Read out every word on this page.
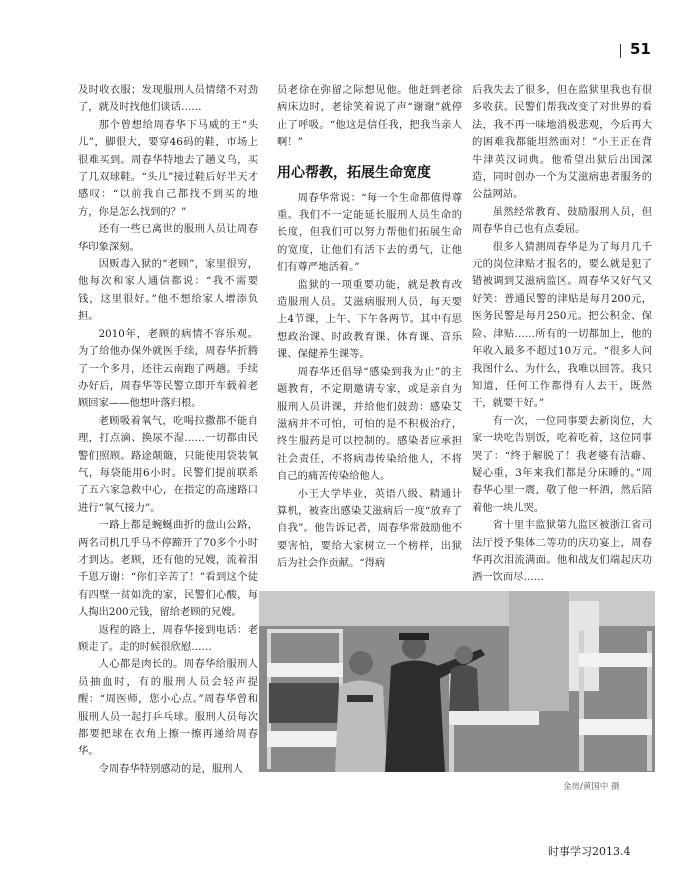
51

及时收衣服；发现服刑人员情绪不对劲了，就及时找他们谈话……

那个曾想给周春华下马威的王“头儿”，脚很大，要穿46码的鞋，市场上很难买到。周春华特地去了趟义乌，买了几双球鞋。“头儿”接过鞋后好半天才感叹：“以前我自己都找不到买的地方，你是怎么找到的？”

还有一些已离世的服刑人员让周春华印象深刻。

因贩毒入狱的“老顾”，家里很穷，他每次和家人通信都说：“我不需要钱，这里很好。”他不想给家人增添负担。

2010年，老顾的病情不容乐观。为了给他办保外就医手续，周春华折腾了一个多月，还往云南跑了两趟。手续办好后，周春华等民警立即开车载着老顾回家——他想叶落归根。

老顾吸着氧气，吃喝拉撒都不能自理，打点滴、换尿不湿……一切都由民警们照顾。路途颠簸，只能使用袋装氧气，每袋能用6小时。民警们提前联系了五六家急救中心，在指定的高速路口进行“氧气接力”。

一路上都是蜿蜒曲折的盘山公路，两名司机几乎马不停蹄开了70多个小时才到达。老顾，还有他的兄嫂，流着泪千恩万谢：“你们辛苦了！”看到这个徒有四壁一贫如洗的家，民警们心酸，每人掏出200元钱，留给老顾的兄嫂。

返程的路上，周春华接到电话：老顾走了。走的时候很欣慰……

人心都是肉长的。周春华给服刑人员抽血时，有的服刑人员会轻声提醒：“周医师，您小心点。”周春华曾和服刑人员一起打乒乓球。服刑人员每次都要把球在衣角上擦一擦再递给周春华。

令周春华特别感动的是，服刑人

员老徐在弥留之际想见他。他赶到老徐病床边时，老徐笑着说了声“谢谢”就停止了呼吸。“他这是信任我，把我当亲人啊！”

用心帮教，拓展生命宽度

周春华常说：“每一个生命都值得尊重。我们不一定能延长服刑人员生命的长度，但我们可以努力帮他们拓展生命的宽度，让他们有活下去的勇气，让他们有尊严地活着。”

监狱的一项重要功能，就是教育改造服刑人员。艾滋病服刑人员，每天要上4节课，上午、下午各两节。其中有思想政治课、时政教育课、体育课、音乐课、保健养生课等。

周春华还倡导“感染到我为止”的主题教育，不定期邀请专家，或是亲自为服刑人员讲课，并给他们鼓劲：感染艾滋病并不可怕，可怕的是不积极治疗，终生服药是可以控制的。感染者应承担社会责任，不将病毒传染给他人，不将自己的痛苦传染给他人。

小王大学毕业，英语八级、精通计算机，被查出感染艾滋病后一度“放弃了自我”。他告诉记者，周春华常鼓励他不要害怕，要给大家树立一个榜样，出狱后为社会作贡献。“得病

后我失去了很多，但在监狱里我也有很多收获。民警们帮我改变了对世界的看法，我不再一味地消极悲观，今后再大的困难我都能坦然面对！”小王正在背牛津英汉词典。他希望出狱后出国深造，同时创办一个为艾滋病患者服务的公益网站。

虽然经常教育、鼓励服刑人员，但周春华自己也有点委屈。

很多人猜测周春华是为了每月几千元的岗位津贴才报名的，要么就是犯了错被调到艾滋病监区。周春华又好气又好笑：普通民警的津贴是每月200元，医务民警是每月250元。把公积金、保险、津贴……所有的一切都加上，他的年收入最多不超过10万元。“很多人问我图什么、为什么，我唯以回答。我只知道，任何工作都得有人去干，既然干，就要干好。”

有一次，一位同事要去新岗位，大家一块吃告别饭，吃着吃着，这位同事哭了：“终于解脱了！我老婆有洁癖、疑心重，3年来我们都是分床睡的。”周春华心里一震，敬了他一杯酒，然后陪着他一块儿哭。

省十里丰监狱第九监区被浙江省司法厅授予集体二等功的庆功宴上，周春华再次泪流满面。他和战友们端起庆功酒一饮而尽……

金房/黄国中 摄
时事学习2013.4
